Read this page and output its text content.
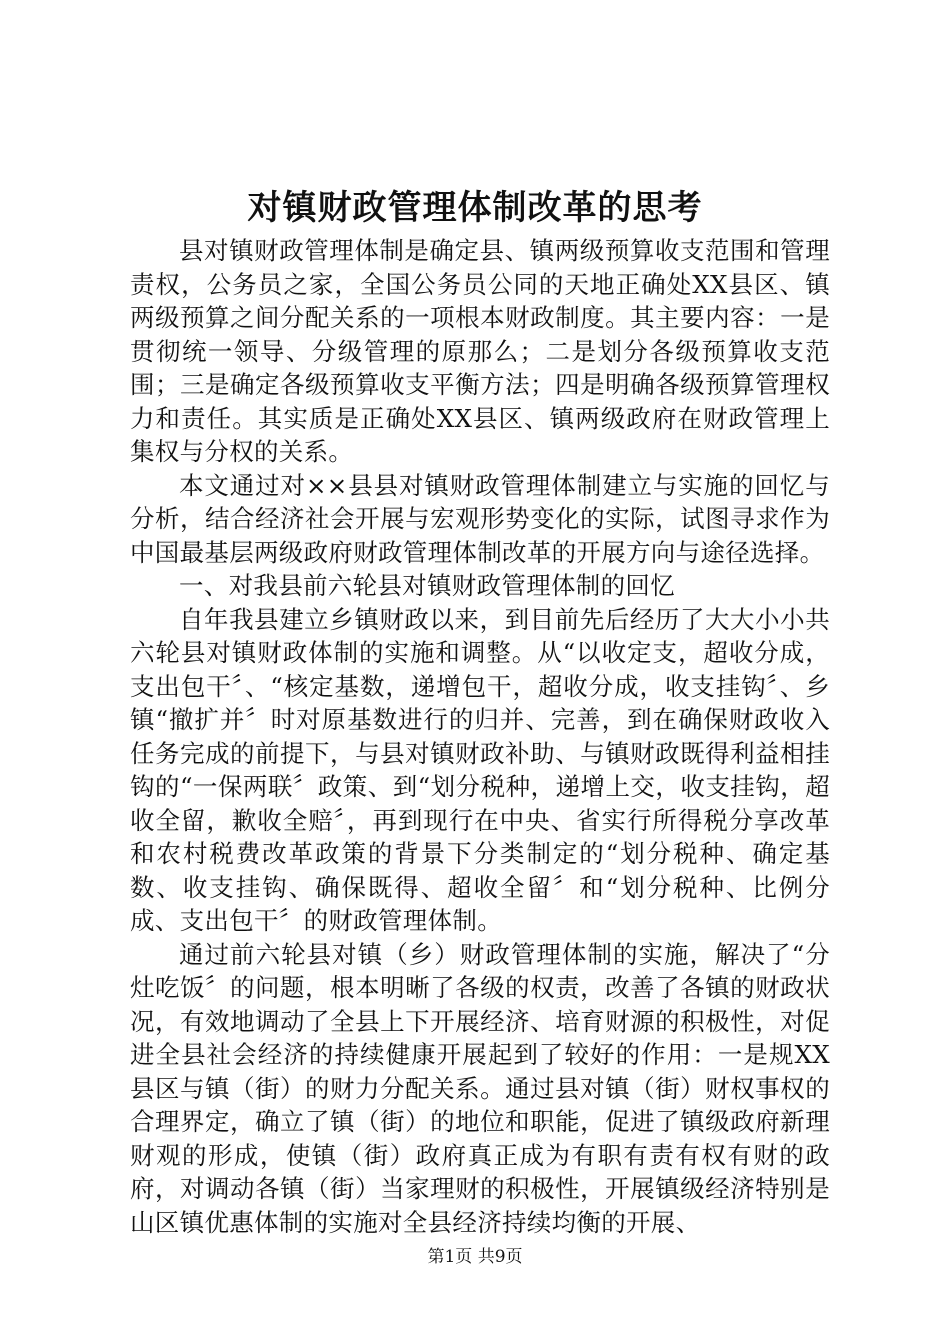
对镇财政管理体制改革的思考

县对镇财政管理体制是确定县、镇两级预算收支范围和管理责权，公务员之家，全国公务员公同的天地正确处XX县区、镇两级预算之间分配关系的一项根本财政制度。其主要内容：一是贯彻统一领导、分级管理的原那么；二是划分各级预算收支范围；三是确定各级预算收支平衡方法；四是明确各级预算管理权力和责任。其实质是正确处XX县区、镇两级政府在财政管理上集权与分权的关系。

本文通过对××县县对镇财政管理体制建立与实施的回忆与分析，结合经济社会开展与宏观形势变化的实际，试图寻求作为中国最基层两级政府财政管理体制改革的开展方向与途径选择。

一、对我县前六轮县对镇财政管理体制的回忆

自年我县建立乡镇财政以来，到目前先后经历了大大小小共六轮县对镇财政体制的实施和调整。从“以收定支，超收分成，支出包干〞、“核定基数，递增包干，超收分成，收支挂钩〞、乡镇“撤扩并〞时对原基数进行的归并、完善，到在确保财政收入任务完成的前提下，与县对镇财政补助、与镇财政既得利益相挂钩的“一保两联〞政策、到“划分税种，递增上交，收支挂钩，超收全留，歉收全赔〞，再到现行在中央、省实行所得税分享改革和农村税费改革政策的背景下分类制定的“划分税种、确定基数、收支挂钩、确保既得、超收全留〞和“划分税种、比例分成、支出包干〞的财政管理体制。

通过前六轮县对镇（乡）财政管理体制的实施，解决了“分灶吃饭〞的问题，根本明晰了各级的权责，改善了各镇的财政状况，有效地调动了全县上下开展经济、培育财源的积极性，对促进全县社会经济的持续健康开展起到了较好的作用：一是规XX县区与镇（街）的财力分配关系。通过县对镇（街）财权事权的合理界定，确立了镇（街）的地位和职能，促进了镇级政府新理财观的形成，使镇（街）政府真正成为有职有责有权有财的政府，对调动各镇（街）当家理财的积极性，开展镇级经济特别是山区镇优惠体制的实施对全县经济持续均衡的开展、

第1页 共9页
